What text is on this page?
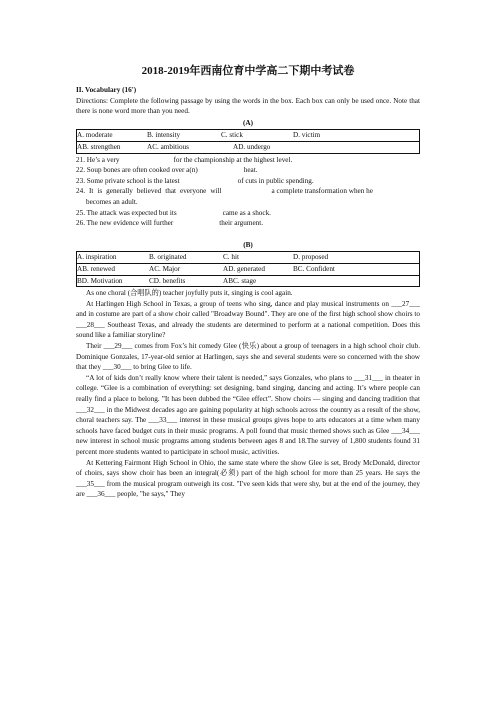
2018-2019年西南位育中学高二下期中考试卷
II. Vocabulary (16')
Directions: Complete the following passage by using the words in the box. Each box can only be used once. Note that there is none word more than you need.
(A)
A. moderate	B. intensity	C. stick	D. victim
AB. strengthen	AC. ambitious	AD. undergo
21. He’s a very	for the championship at the highest level.
22. Soup bones are often cooked over a(n)	heat.
23. Some private school is the latest	of cuts in public spending.
24. It is generally believed that everyone will	a complete transformation when he
becomes an adult.
25. The attack was expected but its	came as a shock.
26. The new evidence will further	their argument.
(B)
A. inspiration	B. originated	C. hit	D. proposed
AB. renewed	AC. Major	AD. generated	BC. Confident
BD. Motivation	CD. benefits	ABC. stage

As one choral (合唱队的) teacher joyfully puts it, singing is cool again.

At Harlingen High School in Texas, a group of teens who sing, dance and play musical instruments on ___27___ and in costume are part of a show choir called "Broadway Bound". They are one of the first high school show choirs to ___28___ Southeast Texas, and already the students are determined to perform at a national competition. Does this sound like a familiar storyline?

Their ___29___ comes from Fox’s hit comedy Glee (快乐) about a group of teenagers in a high school choir club. Dominique Gonzales, 17-year-old senior at Harlingen, says she and several students were so concerned with the show that they ___30___ to bring Glee to life.

“A lot of kids don’t really know where their talent is needed,” says Gonzales, who plans to ___31___ in theater in college. “Glee is a combination of everything: set designing, band singing, dancing and acting. It’s where people can really find a place to belong. ”It has been dubbed the “Glee effect”. Show choirs — singing and dancing tradition that ___32___ in the Midwest decades ago are gaining popularity at high schools across the country as a result of the show, choral teachers say. The ___33___ interest in these musical groups gives hope to arts educators at a time when many schools have faced budget cuts in their music programs. A poll found that music themed shows such as Glee ___34___ new interest in school music programs among students between ages 8 and 18.The survey of 1,800 students found 31 percent more students wanted to participate in school music, activities.

At Kettering Fairmont High School in Ohio, the same state where the show Glee is set, Brody McDonald, director of choirs, says show choir has been an integral(必须) part of the high school for more than 25 years. He says the ___35___ from the musical program outweigh its cost. "I've seen kids that were shy, but at the end of the journey, they are ___36___ people, "he says," They
